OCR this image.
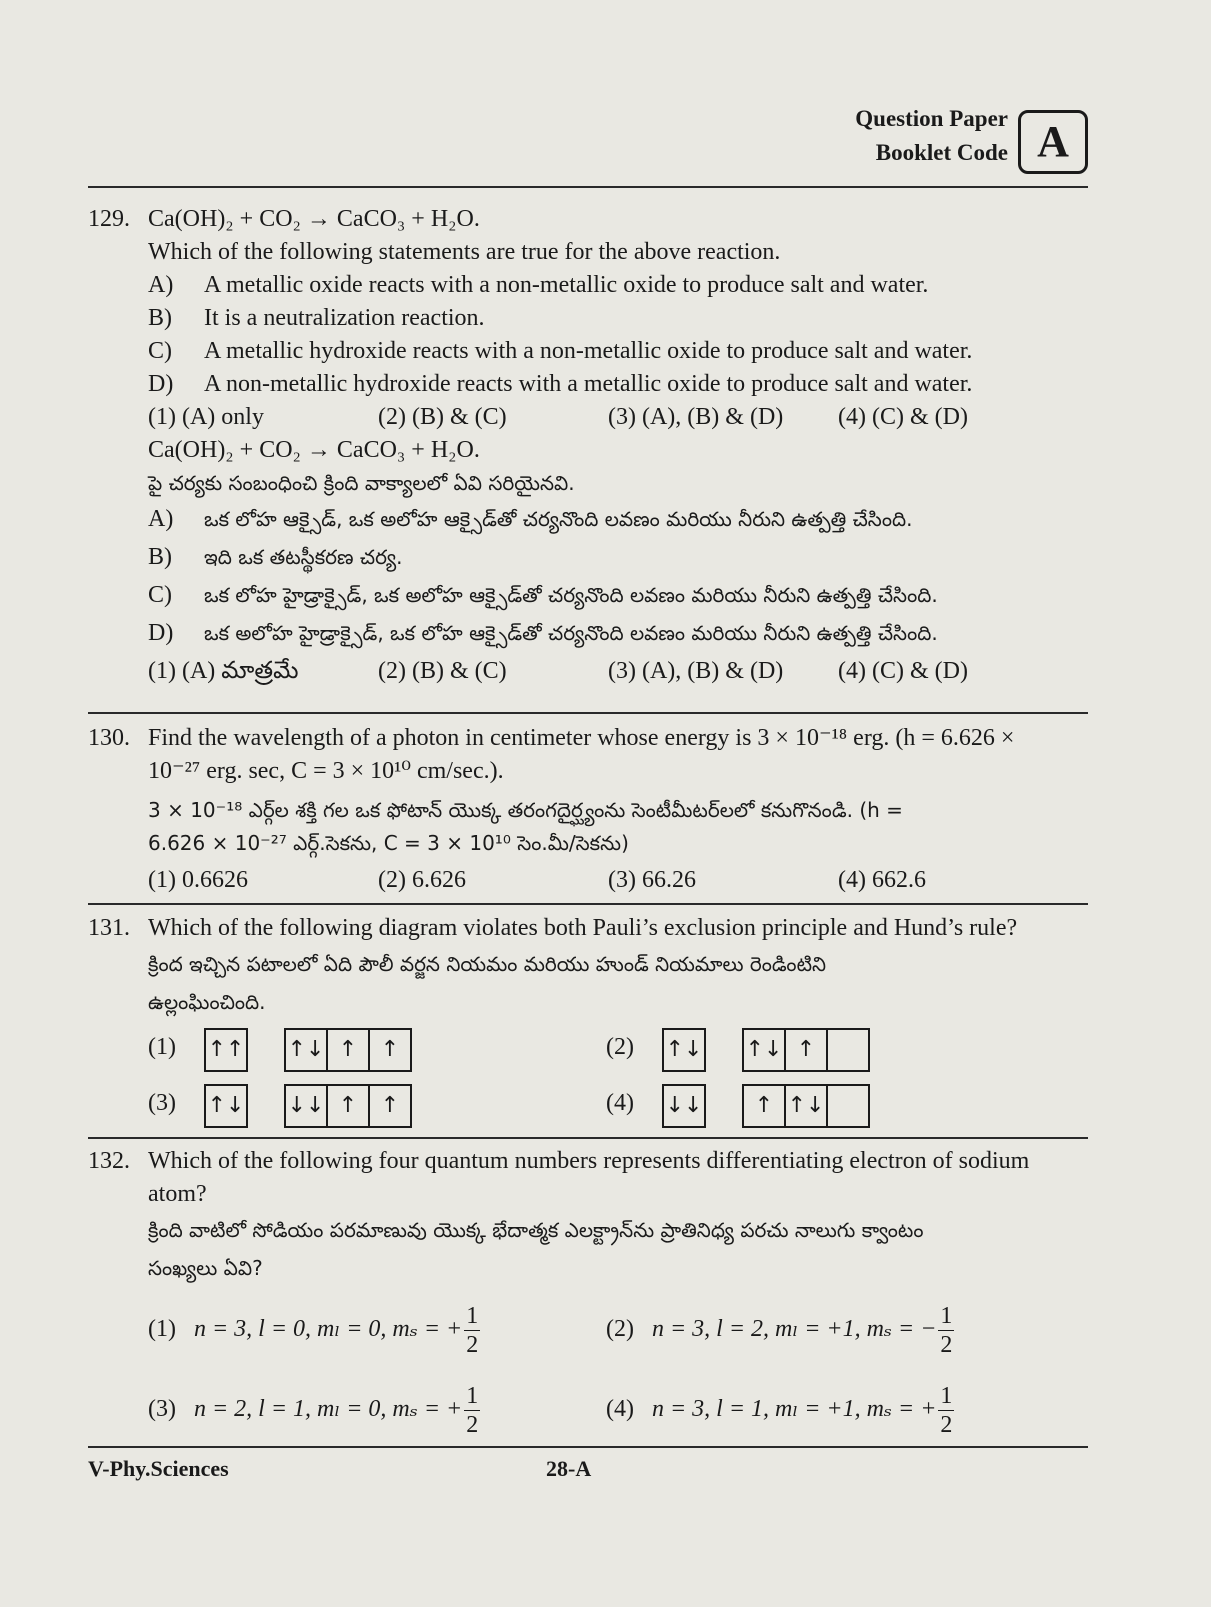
Question Paper
Booklet Code A
129. Ca(OH)₂ + CO₂ → CaCO₃ + H₂O.
Which of the following statements are true for the above reaction.
A)	A metallic oxide reacts with a non-metallic oxide to produce salt and water.
B)	It is a neutralization reaction.
C)	A metallic hydroxide reacts with a non-metallic oxide to produce salt and water.
D)	A non-metallic hydroxide reacts with a metallic oxide to produce salt and water.
(1) (A) only	(2) (B) & (C)	(3) (A), (B) & (D) (4) (C) & (D)
Ca(OH)₂ + CO₂ → CaCO₃ + H₂O.
పై చర్యకు సంబంధించి క్రింది వాక్యాలలో ఏవి సరియైనవి.
A)	ఒక లోహ ఆక్సైడ్, ఒక అలోహ ఆక్సైడ్‌తో చర్యనొంది లవణం మరియు నీరుని ఉత్పత్తి చేసింది.
B)	ఇది ఒక తటస్థీకరణ చర్య.
C)	ఒక లోహ హైడ్రాక్సైడ్, ఒక అలోహ ఆక్సైడ్‌తో చర్యనొంది లవణం మరియు నీరుని ఉత్పత్తి చేసింది.
D)	ఒక అలోహ హైడ్రాక్సైడ్, ఒక లోహ ఆక్సైడ్‌తో చర్యనొంది లవణం మరియు నీరుని ఉత్పత్తి చేసింది.
(1) (A) మాత్రమే	(2) (B) & (C)	(3) (A), (B) & (D) (4) (C) & (D)
130. Find the wavelength of a photon in centimeter whose energy is 3 × 10⁻¹⁸ erg. (h = 6.626 ×
10⁻²⁷ erg. sec, C = 3 × 10¹⁰ cm/sec.).
3 × 10⁻¹⁸ ఎర్గ్‌ల శక్తి గల ఒక ఫోటాన్ యొక్క తరంగదైర్ఘ్యంను సెంటీమీటర్‌లలో కనుగొనండి. (h =
6.626 × 10⁻²⁷ ఎర్గ్.సెకను, C = 3 × 10¹⁰ సెం.మీ/సెకను)
(1) 0.6626	(2) 6.626	(3) 66.26	(4) 662.6
131. Which of the following diagram violates both Pauli’s exclusion principle and Hund’s rule?
క్రింద ఇచ్చిన పటాలలో ఏది పౌలీ వర్జన నియమం మరియు హుండ్ నియమాలు రెండింటిని
ఉల్లంఘించింది.
(1) ↑↑ ↑↓ ↑	↑	(2) ↑↓ ↑↓ ↑
(3) ↑↓ ↓↓ ↑	↑	(4) ↓↓	↑ ↑↓
132. Which of the following four quantum numbers represents differentiating electron of sodium
atom?
క్రింది వాటిలో సోడియం పరమాణువు యొక్క భేదాత్మక ఎలక్ట్రాన్‌ను ప్రాతినిధ్య పరచు నాలుగు క్వాంటం
సంఖ్యలు ఏవి?
(1) n = 3, l = 0, mₗ = 0, mₛ = + $\frac{1}{2}$	(2) n = 3, l = 2, mₗ = +1, mₛ = − $\frac{1}{2}$
(3) n = 2, l = 1, mₗ = 0, mₛ = + $\frac{1}{2}$	(4) n = 3, l = 1, mₗ = +1, mₛ = + $\frac{1}{2}$
V-Phy.Sciences	28-A
